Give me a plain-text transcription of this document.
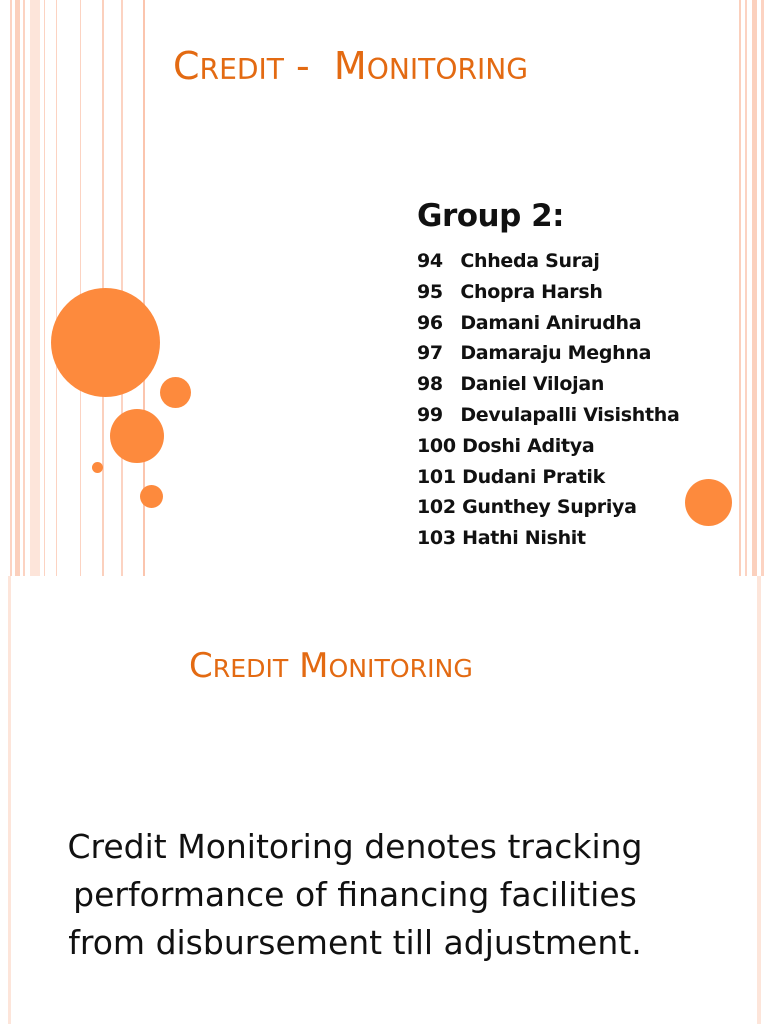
CREDIT -  MONITORING
Group 2:
94 Chheda Suraj
95 Chopra Harsh
96 Damani Anirudha
97 Damaraju Meghna
98 Daniel Vilojan
99 Devulapalli Visishtha
100 Doshi Aditya
101 Dudani Pratik
102 Gunthey Supriya
103 Hathi Nishit
CREDIT MONITORING

Credit Monitoring denotes tracking performance of financing facilities from disbursement till adjustment.
